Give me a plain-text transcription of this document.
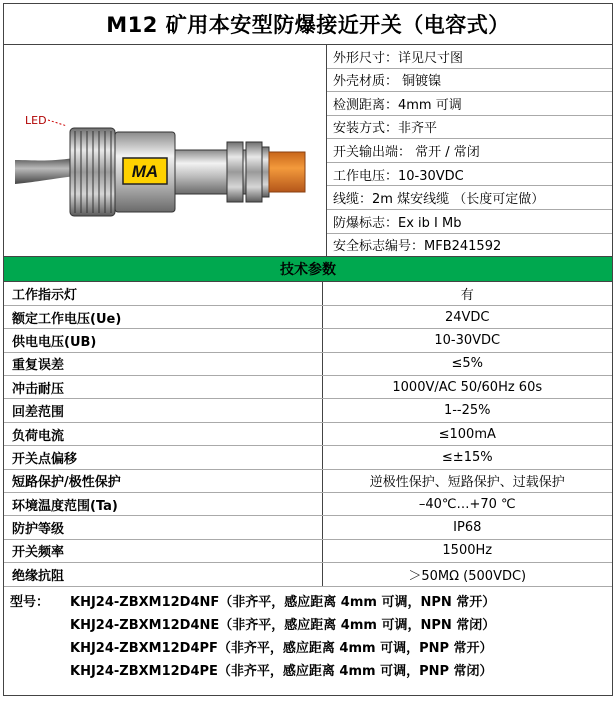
M12 矿用本安型防爆接近开关（电容式）
LED
MA
外形尺寸：详见尺寸图
外壳材质： 铜镀镍
检测距离：4mm 可调
安装方式：非齐平
开关输出端： 常开 / 常闭
工作电压：10-30VDC
线缆：2m 煤安线缆 （长度可定做）
防爆标志：Ex ib I Mb
安全标志编号：MFB241592
技术参数
工作指示灯	有
额定工作电压(Ue)	24VDC
供电电压(UB)	10-30VDC
重复误差	≤5%
冲击耐压	1000V/AC 50/60Hz 60s
回差范围	1--25%
负荷电流	≤100mA
开关点偏移	≤±15%
短路保护/极性保护	逆极性保护、短路保护、过载保护
环境温度范围(Ta)	–40℃…+70 ℃
防护等级	IP68
开关频率	1500Hz
绝缘抗阻	＞50MΩ (500VDC)
型号：	KHJ24-ZBXM12D4NF（非齐平，感应距离 4mm 可调，NPN 常开）
KHJ24-ZBXM12D4NE（非齐平，感应距离 4mm 可调，NPN 常闭）
KHJ24-ZBXM12D4PF（非齐平，感应距离 4mm 可调，PNP 常开）
KHJ24-ZBXM12D4PE（非齐平，感应距离 4mm 可调，PNP 常闭）
